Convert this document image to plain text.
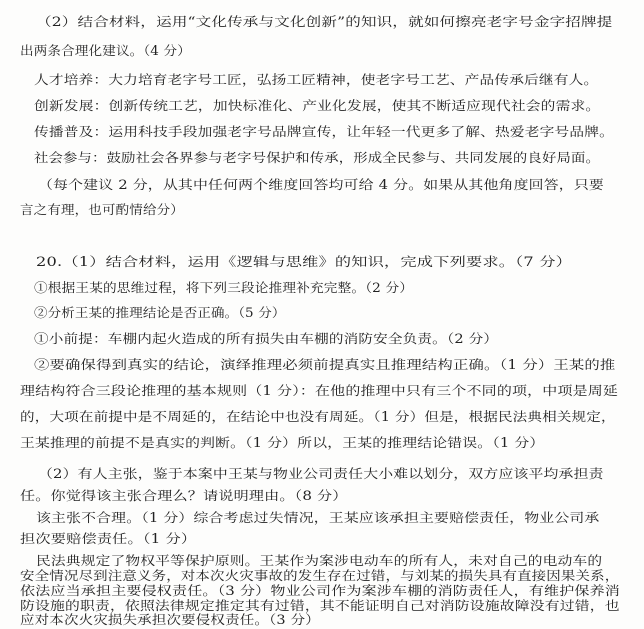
（2）结合材料，运用“文化传承与文化创新”的知识，就如何擦亮老字号金字招牌提
出两条合理化建议。（4 分）
人才培养：大力培育老字号工匠，弘扬工匠精神，使老字号工艺、产品传承后继有人。
创新发展：创新传统工艺，加快标准化、产业化发展，使其不断适应现代社会的需求。
传播普及：运用科技手段加强老字号品牌宣传，让年轻一代更多了解、热爱老字号品牌。
社会参与：鼓励社会各界参与老字号保护和传承，形成全民参与、共同发展的良好局面。
（每个建议 2 分，从其中任何两个维度回答均可给 4 分。如果从其他角度回答，只要
言之有理，也可酌情给分）
20.（1）结合材料，运用《逻辑与思维》的知识，完成下列要求。（7 分）
①根据王某的思维过程，将下列三段论推理补充完整。（2 分）
②分析王某的推理结论是否正确。（5 分）
①小前提：车棚内起火造成的所有损失由车棚的消防安全负责。（2 分）
②要确保得到真实的结论，演绎推理必须前提真实且推理结构正确。（1 分）王某的推
理结构符合三段论推理的基本规则（1 分）：在他的推理中只有三个不同的项，中项是周延
的，大项在前提中是不周延的，在结论中也没有周延。（1 分）但是，根据民法典相关规定，
王某推理的前提不是真实的判断。（1 分）所以，王某的推理结论错误。（1 分）
（2）有人主张，鉴于本案中王某与物业公司责任大小难以划分，双方应该平均承担责
任。你觉得该主张合理么？请说明理由。（8 分）
该主张不合理。（1 分）综合考虑过失情况，王某应该承担主要赔偿责任，物业公司承
担次要赔偿责任。（1 分）
民法典规定了物权平等保护原则。王某作为案涉电动车的所有人，未对自己的电动车的
安全情况尽到注意义务，对本次火灾事故的发生存在过错，与刘某的损失具有直接因果关系，
依法应当承担主要侵权责任。（3 分）物业公司作为案涉车棚的消防责任人，有维护保养消
防设施的职责，依照法律规定推定其有过错，其不能证明自己对消防设施故障没有过错，也
应对本次火灾损失承担次要侵权责任。（3 分）
